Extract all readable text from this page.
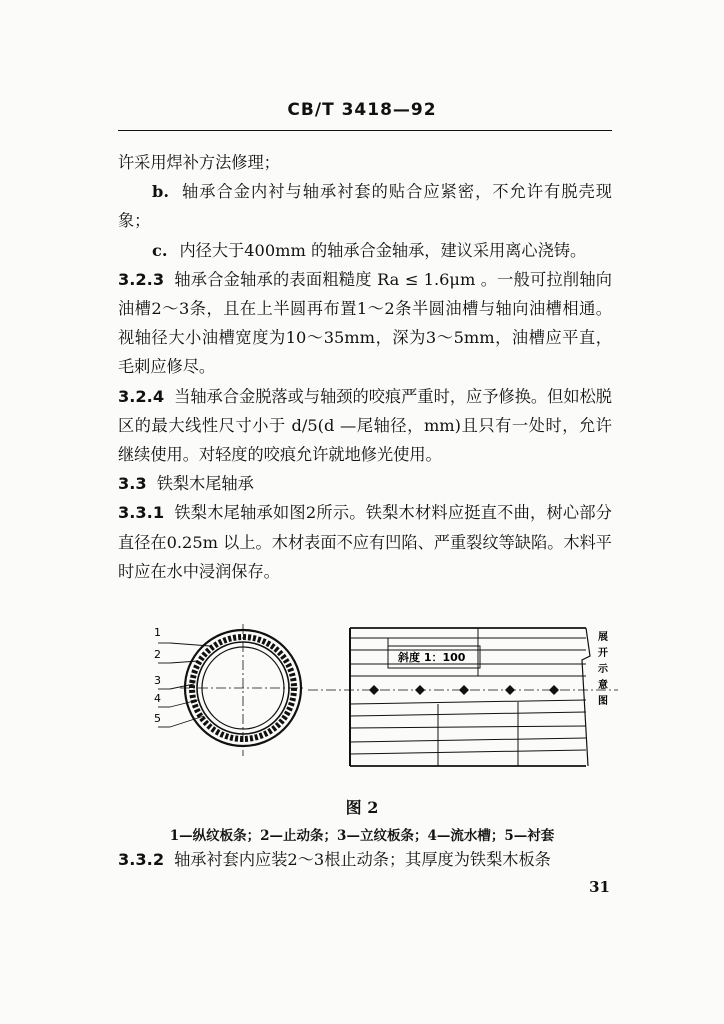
CB/T 3418—92

许采用焊补方法修理；

b. 轴承合金内衬与轴承衬套的贴合应紧密，不允许有脱壳现象；

c. 内径大于400mm 的轴承合金轴承，建议采用离心浇铸。

3.2.3 轴承合金轴承的表面粗糙度 Ra ≤ 1.6μm 。一般可拉削轴向油槽2～3条，且在上半圆再布置1～2条半圆油槽与轴向油槽相通。视轴径大小油槽宽度为10～35mm，深为3～5mm，油槽应平直，毛刺应修尽。

3.2.4 当轴承合金脱落或与轴颈的咬痕严重时，应予修换。但如松脱区的最大线性尺寸小于 d/5(d —尾轴径，mm)且只有一处时，允许继续使用。对轻度的咬痕允许就地修光使用。

3.3 铁梨木尾轴承

3.3.1 铁梨木尾轴承如图2所示。铁梨木材料应挺直不曲，树心部分直径在0.25m 以上。木材表面不应有凹陷、严重裂纹等缺陷。木料平时应在水中浸润保存。

1
2
3
4
5
斜度 1：100
展
开
示
意
图
图 2
1—纵纹板条；2—止动条；3—立纹板条；4—流水槽；5—衬套
3.3.2 轴承衬套内应装2～3根止动条；其厚度为铁梨木板条
31
